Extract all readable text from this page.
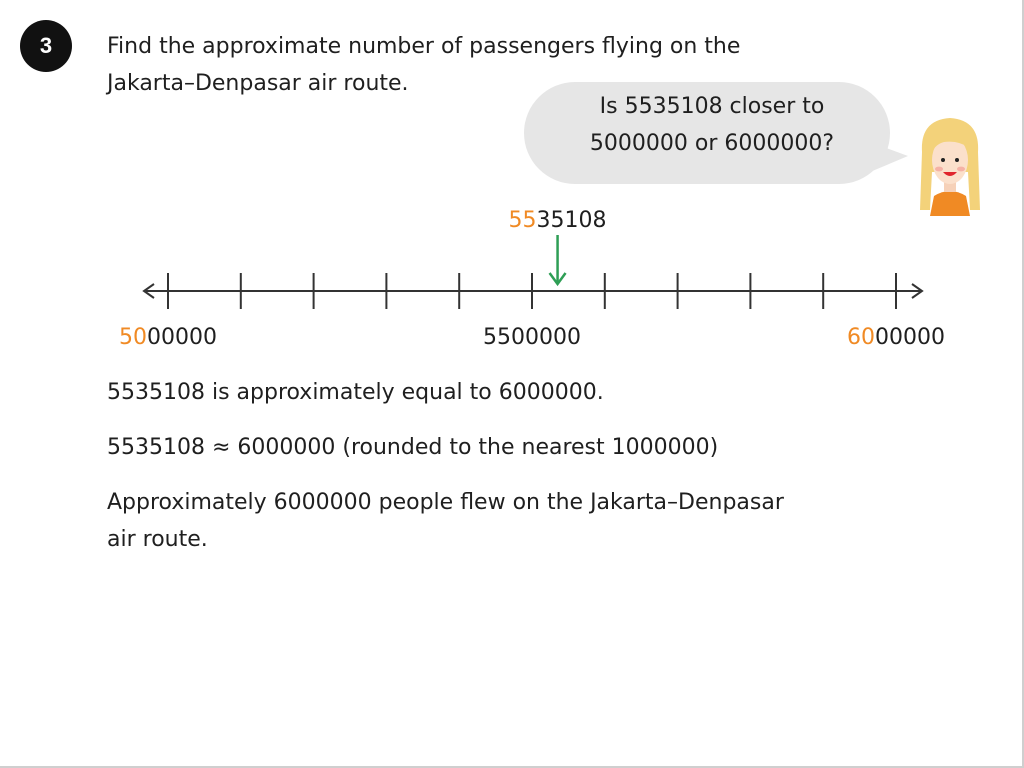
3 Find the approximate number of passengers flying on the
Jakarta–Denpasar air route.

Is 5535108 closer to
5000000 or 6000000?

5535108
5000000	5500000	6000000

5535108 is approximately equal to 6000000.

5535108 ≈ 6000000 (rounded to the nearest 1000000)

Approximately 6000000 people flew on the Jakarta–Denpasar
air route.
